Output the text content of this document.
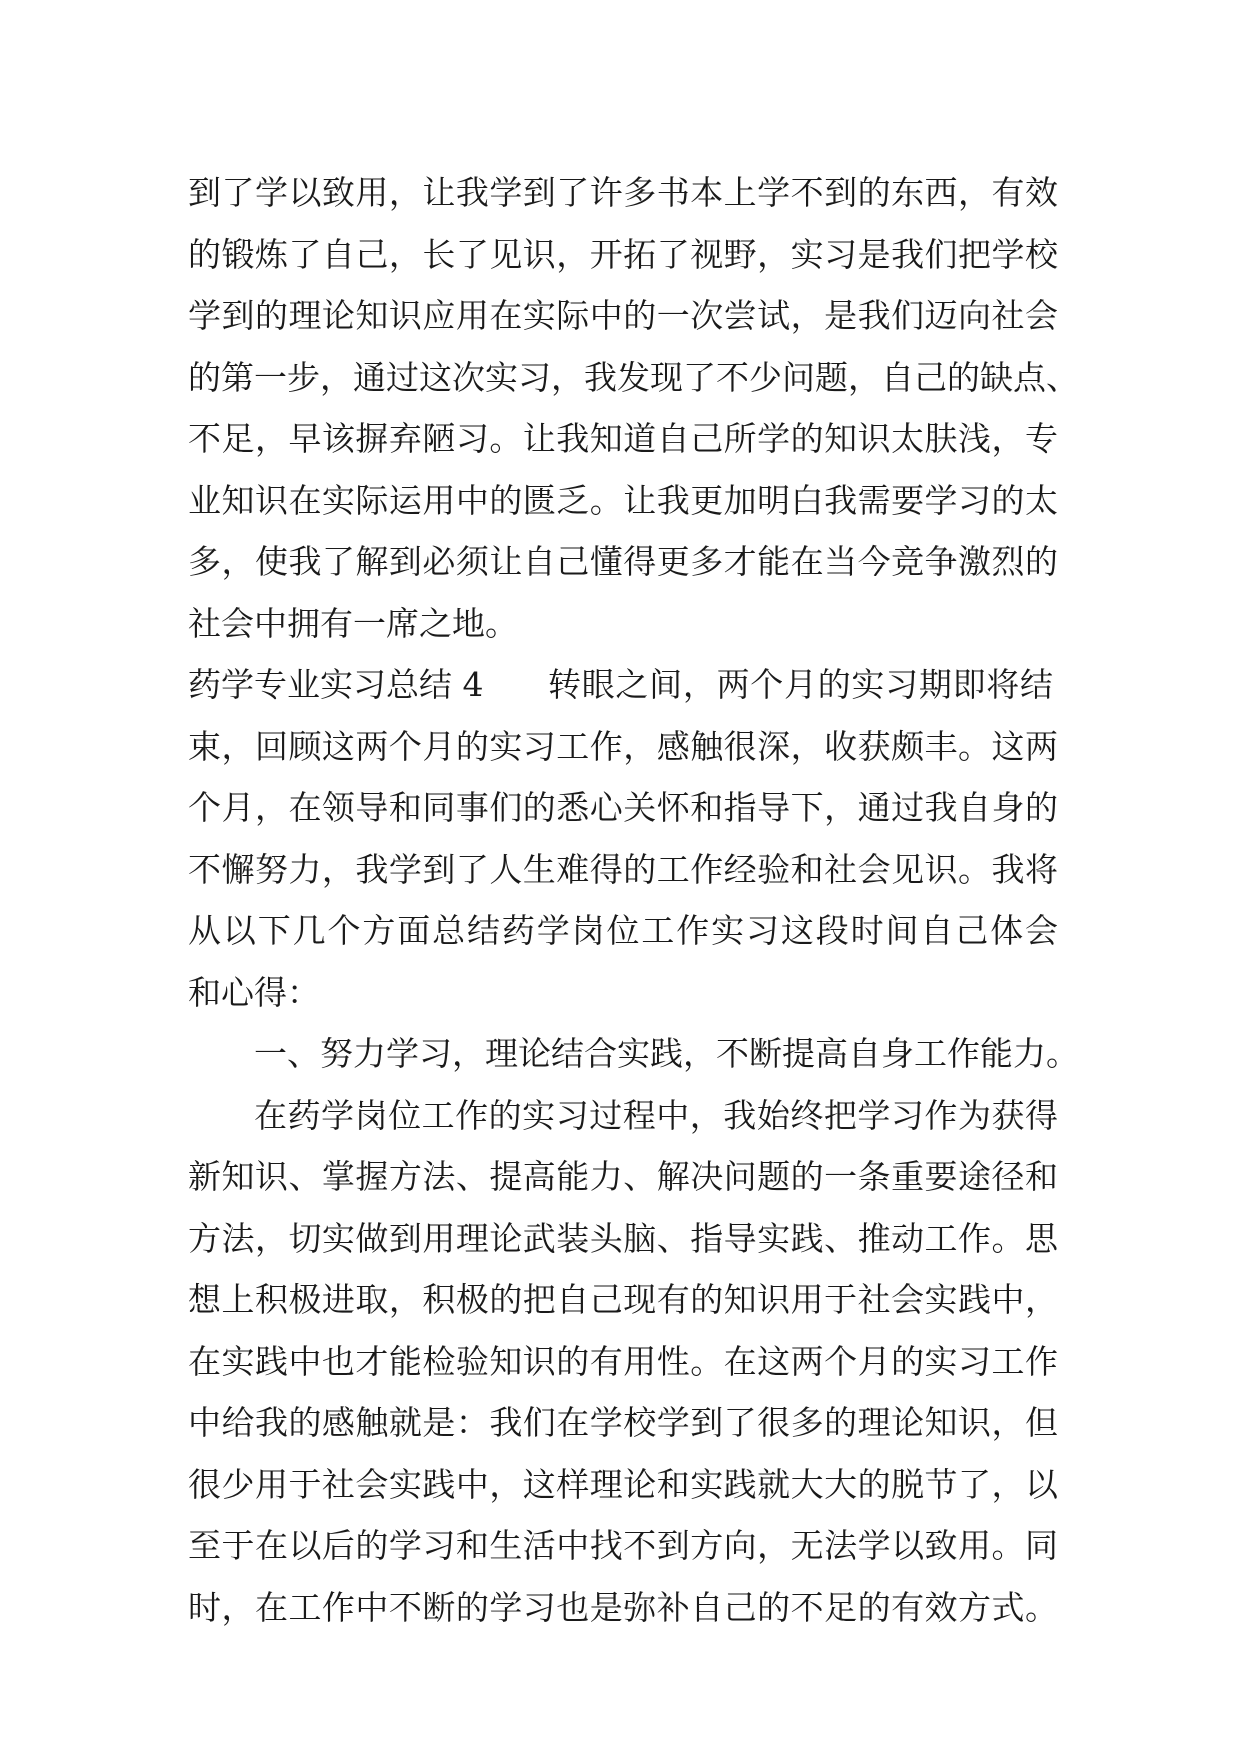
到了学以致用，让我学到了许多书本上学不到的东西，有效
的锻炼了自己，长了见识，开拓了视野，实习是我们把学校
学到的理论知识应用在实际中的一次尝试，是我们迈向社会
的第一步，通过这次实习，我发现了不少问题，自己的缺点、
不足，早该摒弃陋习。让我知道自己所学的知识太肤浅，专
业知识在实际运用中的匮乏。让我更加明白我需要学习的太
多，使我了解到必须让自己懂得更多才能在当今竞争激烈的
社会中拥有一席之地。
药学专业实习总结 4 转眼之间，两个月的实习期即将结
束，回顾这两个月的实习工作，感触很深，收获颇丰。这两
个月，在领导和同事们的悉心关怀和指导下，通过我自身的
不懈努力，我学到了人生难得的工作经验和社会见识。我将
从以下几个方面总结药学岗位工作实习这段时间自己体会
和心得：
一、努力学习，理论结合实践，不断提高自身工作能力。
在药学岗位工作的实习过程中，我始终把学习作为获得
新知识、掌握方法、提高能力、解决问题的一条重要途径和
方法，切实做到用理论武装头脑、指导实践、推动工作。思
想上积极进取，积极的把自己现有的知识用于社会实践中，
在实践中也才能检验知识的有用性。在这两个月的实习工作
中给我的感触就是：我们在学校学到了很多的理论知识，但
很少用于社会实践中，这样理论和实践就大大的脱节了，以
至于在以后的学习和生活中找不到方向，无法学以致用。同
时，在工作中不断的学习也是弥补自己的不足的有效方式。
